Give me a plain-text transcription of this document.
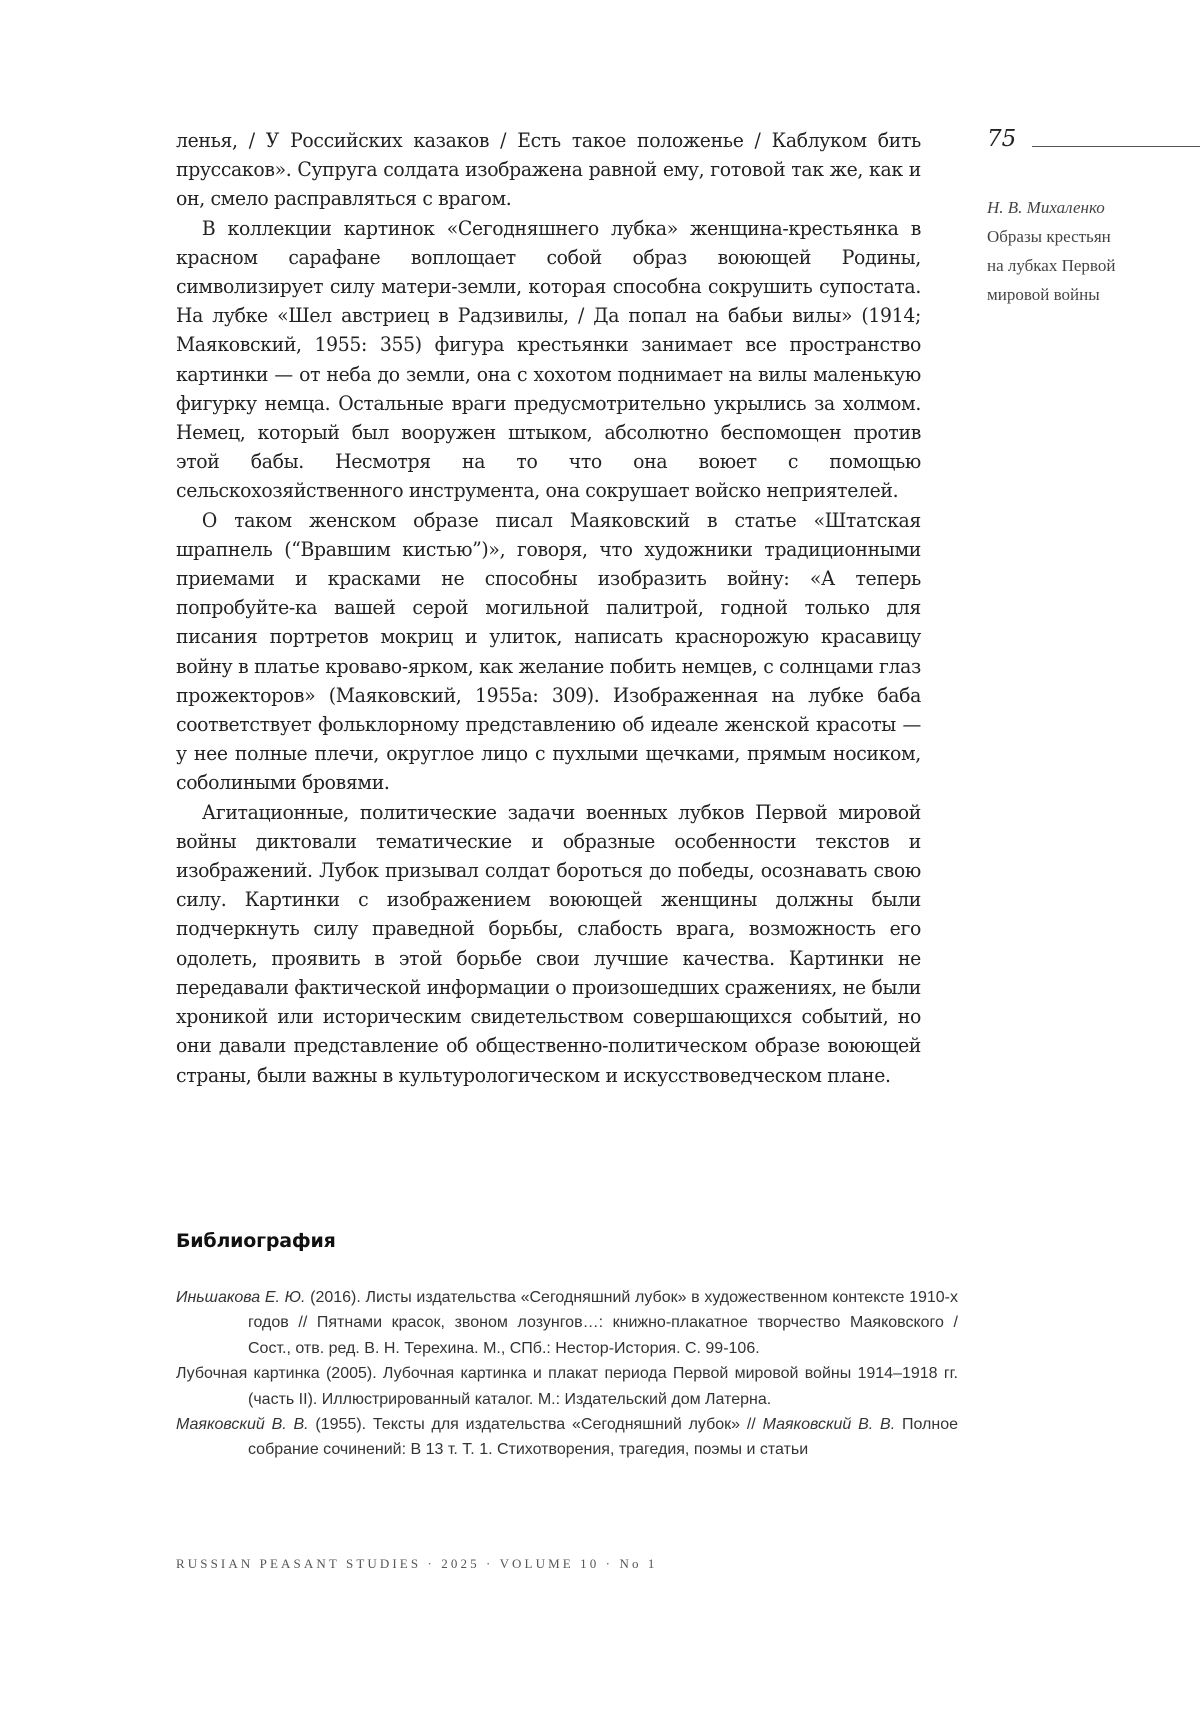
75
Н. В. Михаленко
Образы крестьян
на лубках Первой
мировой войны

ленья, / У Российских казаков / Есть такое положенье / Каблуком бить пруссаков». Супруга солдата изображена равной ему, готовой так же, как и он, смело расправляться с врагом.

В коллекции картинок «Сегодняшнего лубка» женщина-крестьянка в красном сарафане воплощает собой образ воюющей Родины, символизирует силу матери-земли, которая способна сокрушить супостата. На лубке «Шел австриец в Радзивилы, / Да попал на бабьи вилы» (1914; Маяковский, 1955: 355) фигура крестьянки занимает все пространство картинки — от неба до земли, она с хохотом поднимает на вилы маленькую фигурку немца. Остальные враги предусмотрительно укрылись за холмом. Немец, который был вооружен штыком, абсолютно беспомощен против этой бабы. Несмотря на то что она воюет с помощью сельскохозяйственного инструмента, она сокрушает войско неприятелей.

О таком женском образе писал Маяковский в статье «Штатская шрапнель (“Вравшим кистью”)», говоря, что художники традиционными приемами и красками не способны изобразить войну: «А теперь попробуйте-ка вашей серой могильной палитрой, годной только для писания портретов мокриц и улиток, написать краснорожую красавицу войну в платье кроваво-ярком, как желание побить немцев, с солнцами глаз прожекторов» (Маяковский, 1955a: 309). Изображенная на лубке баба соответствует фольклорному представлению об идеале женской красоты — у нее полные плечи, округлое лицо с пухлыми щечками, прямым носиком, соболиными бровями.

Агитационные, политические задачи военных лубков Первой мировой войны диктовали тематические и образные особенности текстов и изображений. Лубок призывал солдат бороться до победы, осознавать свою силу. Картинки с изображением воюющей женщины должны были подчеркнуть силу праведной борьбы, слабость врага, возможность его одолеть, проявить в этой борьбе свои лучшие качества. Картинки не передавали фактической информации о произошедших сражениях, не были хроникой или историческим свидетельством совершающихся событий, но они давали представление об общественно-политическом образе воюющей страны, были важны в культурологическом и искусствоведческом плане.

Библиография
Иньшакова Е. Ю. (2016). Листы издательства «Сегодняшний лубок» в художественном контексте 1910-х годов // Пятнами красок, звоном лозунгов…: книжно-плакатное творчество Маяковского / Сост., отв. ред. В. Н. Терехина. М., СПб.: Нестор-История. С. 99-106.
Лубочная картинка (2005). Лубочная картинка и плакат периода Первой мировой войны 1914–1918 гг. (часть II). Иллюстрированный каталог. М.: Издательский дом Латерна.
Маяковский В. В. (1955). Тексты для издательства «Сегодняшний лубок» // Маяковский В. В. Полное собрание сочинений: В 13 т. Т. 1. Стихотворения, трагедия, поэмы и статьи
RUSSIAN PEASANT STUDIES · 2025 · VOLUME 10 · No 1
